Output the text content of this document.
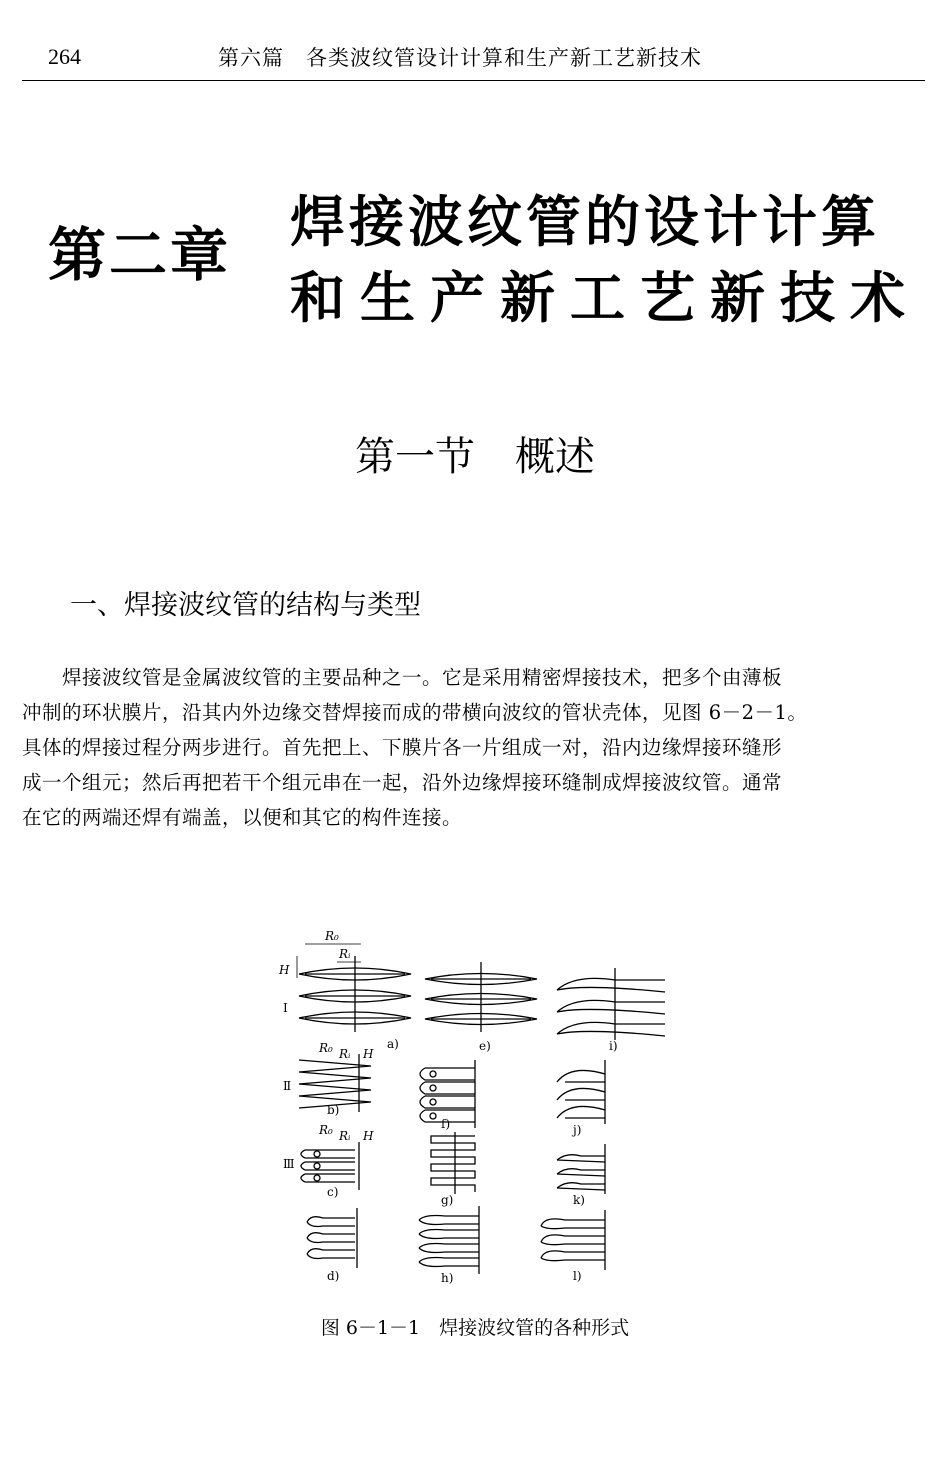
264	第六篇　各类波纹管设计计算和生产新工艺新技术
第二章 焊接波纹管的设计计算
和生产新工艺新技术
第一节　概述
一、焊接波纹管的结构与类型
　　焊接波纹管是金属波纹管的主要品种之一。它是采用精密焊接技术，把多个由薄板
冲制的环状膜片，沿其内外边缘交替焊接而成的带横向波纹的管状壳体，见图 6－2－1。
具体的焊接过程分两步进行。首先把上、下膜片各一片组成一对，沿内边缘焊接环缝形
成一个组元；然后再把若干个组元串在一起，沿外边缘焊接环缝制成焊接波纹管。通常
在它的两端还焊有端盖，以便和其它的构件连接。
Ⅰ
Ⅱ
Ⅲ
R₀
Rᵢ
H
R₀ Rᵢ H
R₀ Rᵢ H
a)
b)
c)
d)
e)
f)
g)
h)
i)
j)
k)
l)
图 6－1－1　焊接波纹管的各种形式
